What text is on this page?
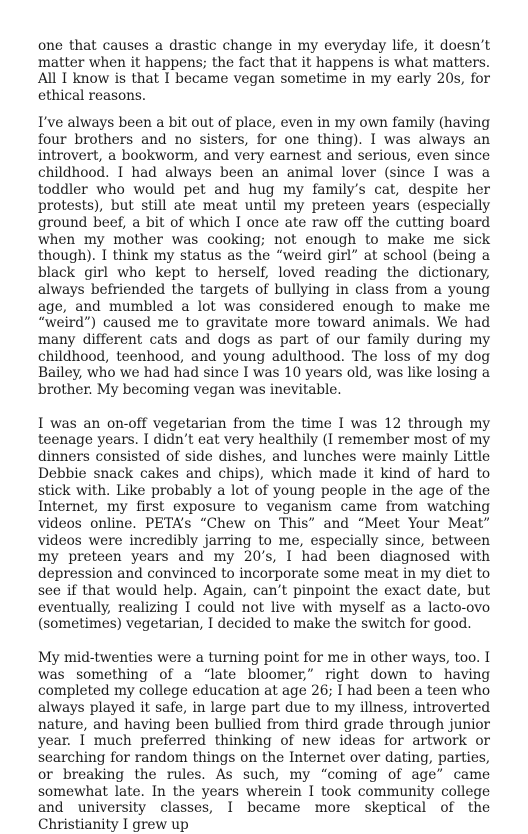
one that causes a drastic change in my everyday life, it doesn’t matter when it happens; the fact that it happens is what matters. All I know is that I became vegan sometime in my early 20s, for ethical reasons.

I’ve always been a bit out of place, even in my own family (having four brothers and no sisters, for one thing). I was always an introvert, a bookworm, and very earnest and serious, even since childhood. I had always been an animal lover (since I was a toddler who would pet and hug my family’s cat, despite her protests), but still ate meat until my preteen years (especially ground beef, a bit of which I once ate raw off the cutting board when my mother was cooking; not enough to make me sick though). I think my status as the “weird girl” at school (being a black girl who kept to herself, loved reading the dictionary, always befriended the targets of bullying in class from a young age, and mumbled a lot was considered enough to make me “weird”) caused me to gravitate more toward animals. We had many different cats and dogs as part of our family during my childhood, teenhood, and young adulthood. The loss of my dog Bailey, who we had had since I was 10 years old, was like losing a brother. My becoming vegan was inevitable.

I was an on-off vegetarian from the time I was 12 through my teenage years. I didn’t eat very healthily (I remember most of my dinners consisted of side dishes, and lunches were mainly Little Debbie snack cakes and chips), which made it kind of hard to stick with. Like probably a lot of young people in the age of the Internet, my first exposure to veganism came from watching videos online. PETA’s “Chew on This” and “Meet Your Meat” videos were incredibly jarring to me, especially since, between my preteen years and my 20’s, I had been diagnosed with depression and convinced to incorporate some meat in my diet to see if that would help. Again, can’t pinpoint the exact date, but eventually, realizing I could not live with myself as a lacto-ovo (sometimes) vegetarian, I decided to make the switch for good.

My mid-twenties were a turning point for me in other ways, too. I was something of a “late bloomer,” right down to having completed my college education at age 26; I had been a teen who always played it safe, in large part due to my illness, introverted nature, and having been bullied from third grade through junior year. I much preferred thinking of new ideas for artwork or searching for random things on the Internet over dating, parties, or breaking the rules. As such, my “coming of age” came somewhat late. In the years wherein I took community college and university classes, I became more skeptical of the Christianity I grew up
